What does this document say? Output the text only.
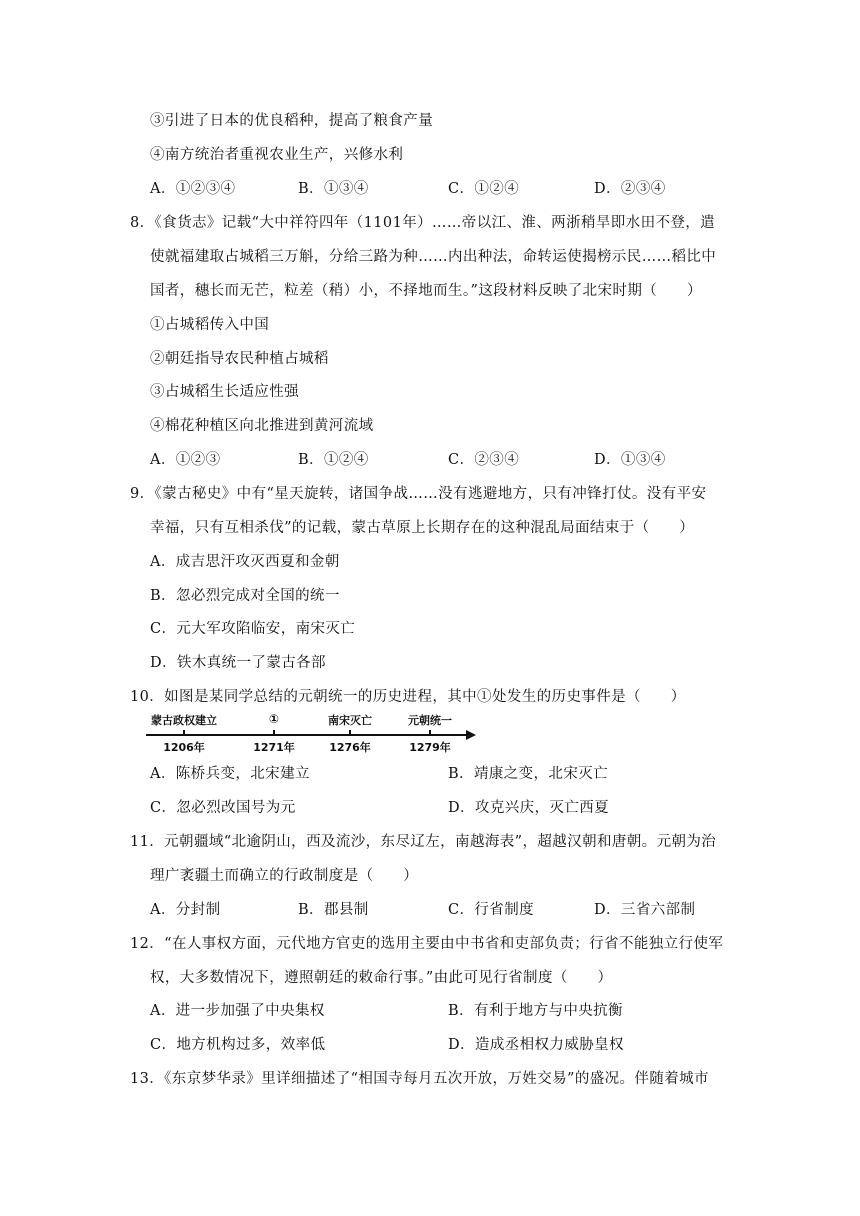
③引进了日本的优良稻种，提高了粮食产量
④南方统治者重视农业生产，兴修水利
A．①②③④	B．①③④	C．①②④	D．②③④
8．《食货志》记载“大中祥符四年（1101年）……帝以江、淮、两浙稍旱即水田不登，遣
使就福建取占城稻三万斛，分给三路为种……内出种法，命转运使揭榜示民……稻比中
国者，穗长而无芒，粒差（稍）小，不择地而生。”这段材料反映了北宋时期（　　）
①占城稻传入中国
②朝廷指导农民种植占城稻
③占城稻生长适应性强
④棉花种植区向北推进到黄河流域
A．①②③	B．①②④	C．②③④	D．①③④
9．《蒙古秘史》中有“星天旋转，诸国争战……没有逃避地方，只有冲锋打仗。没有平安
幸福，只有互相杀伐”的记载，蒙古草原上长期存在的这种混乱局面结束于（　　）
A．成吉思汗攻灭西夏和金朝
B．忽必烈完成对全国的统一
C．元大军攻陷临安，南宋灭亡
D．铁木真统一了蒙古各部
10．如图是某同学总结的元朝统一的历史进程，其中①处发生的历史事件是（　　）
蒙古政权建立
1206年
①
1271年
南宋灭亡
1276年
元朝统一
1279年
A．陈桥兵变，北宋建立	B．靖康之变，北宋灭亡
C．忽必烈改国号为元	D．攻克兴庆，灭亡西夏
11．元朝疆域“北逾阴山，西及流沙，东尽辽左，南越海表”，超越汉朝和唐朝。元朝为治
理广袤疆土而确立的行政制度是（　　）
A．分封制	B．郡县制	C．行省制度	D．三省六部制
12．“在人事权方面，元代地方官吏的选用主要由中书省和吏部负责；行省不能独立行使军
权，大多数情况下，遵照朝廷的敕命行事。”由此可见行省制度（　　）
A．进一步加强了中央集权	B．有利于地方与中央抗衡
C．地方机构过多，效率低	D．造成丞相权力威胁皇权
13．《东京梦华录》里详细描述了“相国寺每月五次开放，万姓交易”的盛况。伴随着城市
